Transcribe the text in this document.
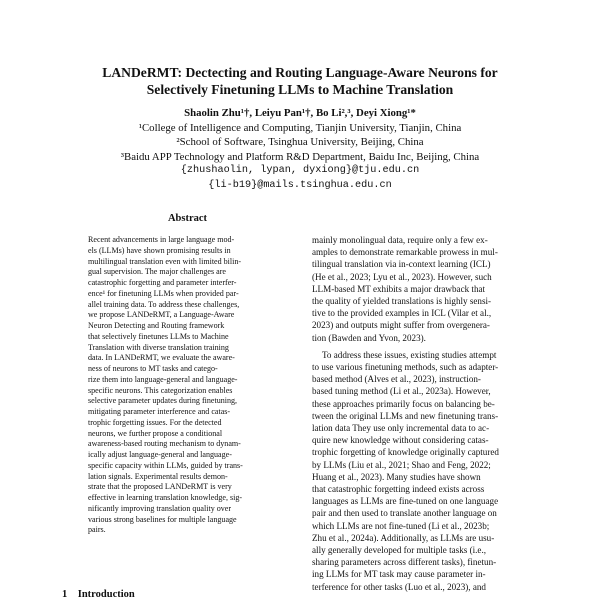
LANDeRMT: Dectecting and Routing Language-Aware Neurons for
Selectively Finetuning LLMs to Machine Translation
Shaolin Zhu¹†, Leiyu Pan¹†, Bo Li²,³, Deyi Xiong¹*
¹College of Intelligence and Computing, Tianjin University, Tianjin, China
²School of Software, Tsinghua University, Beijing, China
³Baidu APP Technology and Platform R&D Department, Baidu Inc, Beijing, China
{zhushaolin, lypan, dyxiong}@tju.edu.cn
{li-b19}@mails.tsinghua.edu.cn
Abstract
Recent advancements in large language mod-
els (LLMs) have shown promising results in
multilingual translation even with limited bilin-
gual supervision. The major challenges are
catastrophic forgetting and parameter interfer-
ence¹ for finetuning LLMs when provided par-
allel training data. To address these challenges,
we propose LANDeRMT, a Language-Aware
Neuron Detecting and Routing framework
that selectively finetunes LLMs to Machine
Translation with diverse translation training
data. In LANDeRMT, we evaluate the aware-
ness of neurons to MT tasks and catego-
rize them into language-general and language-
specific neurons. This categorization enables
selective parameter updates during finetuning,
mitigating parameter interference and catas-
trophic forgetting issues. For the detected
neurons, we further propose a conditional
awareness-based routing mechanism to dynam-
ically adjust language-general and language-
specific capacity within LLMs, guided by trans-
lation signals. Experimental results demon-
strate that the proposed LANDeRMT is very
effective in learning translation knowledge, sig-
nificantly improving translation quality over
various strong baselines for multiple language
pairs.
mainly monolingual data, require only a few ex-
amples to demonstrate remarkable prowess in mul-
tilingual translation via in-context learning (ICL)
(He et al., 2023; Lyu et al., 2023). However, such
LLM-based MT exhibits a major drawback that
the quality of yielded translations is highly sensi-
tive to the provided examples in ICL (Vilar et al.,
2023) and outputs might suffer from overgenera-
tion (Bawden and Yvon, 2023).
To address these issues, existing studies attempt
to use various finetuning methods, such as adapter-
based method (Alves et al., 2023), instruction-
based tuning method (Li et al., 2023a). However,
these approaches primarily focus on balancing be-
tween the original LLMs and new finetuning trans-
lation data They use only incremental data to ac-
quire new knowledge without considering catas-
trophic forgetting of knowledge originally captured
by LLMs (Liu et al., 2021; Shao and Feng, 2022;
Huang et al., 2023). Many studies have shown
that catastrophic forgetting indeed exists across
languages as LLMs are fine-tuned on one language
pair and then used to translate another language on
which LLMs are not fine-tuned (Li et al., 2023b;
Zhu et al., 2024a). Additionally, as LLMs are usu-
ally generally developed for multiple tasks (i.e.,
sharing parameters across different tasks), finetun-
ing LLMs for MT task may cause parameter in-
terference for other tasks (Luo et al., 2023), and
1 Introduction
